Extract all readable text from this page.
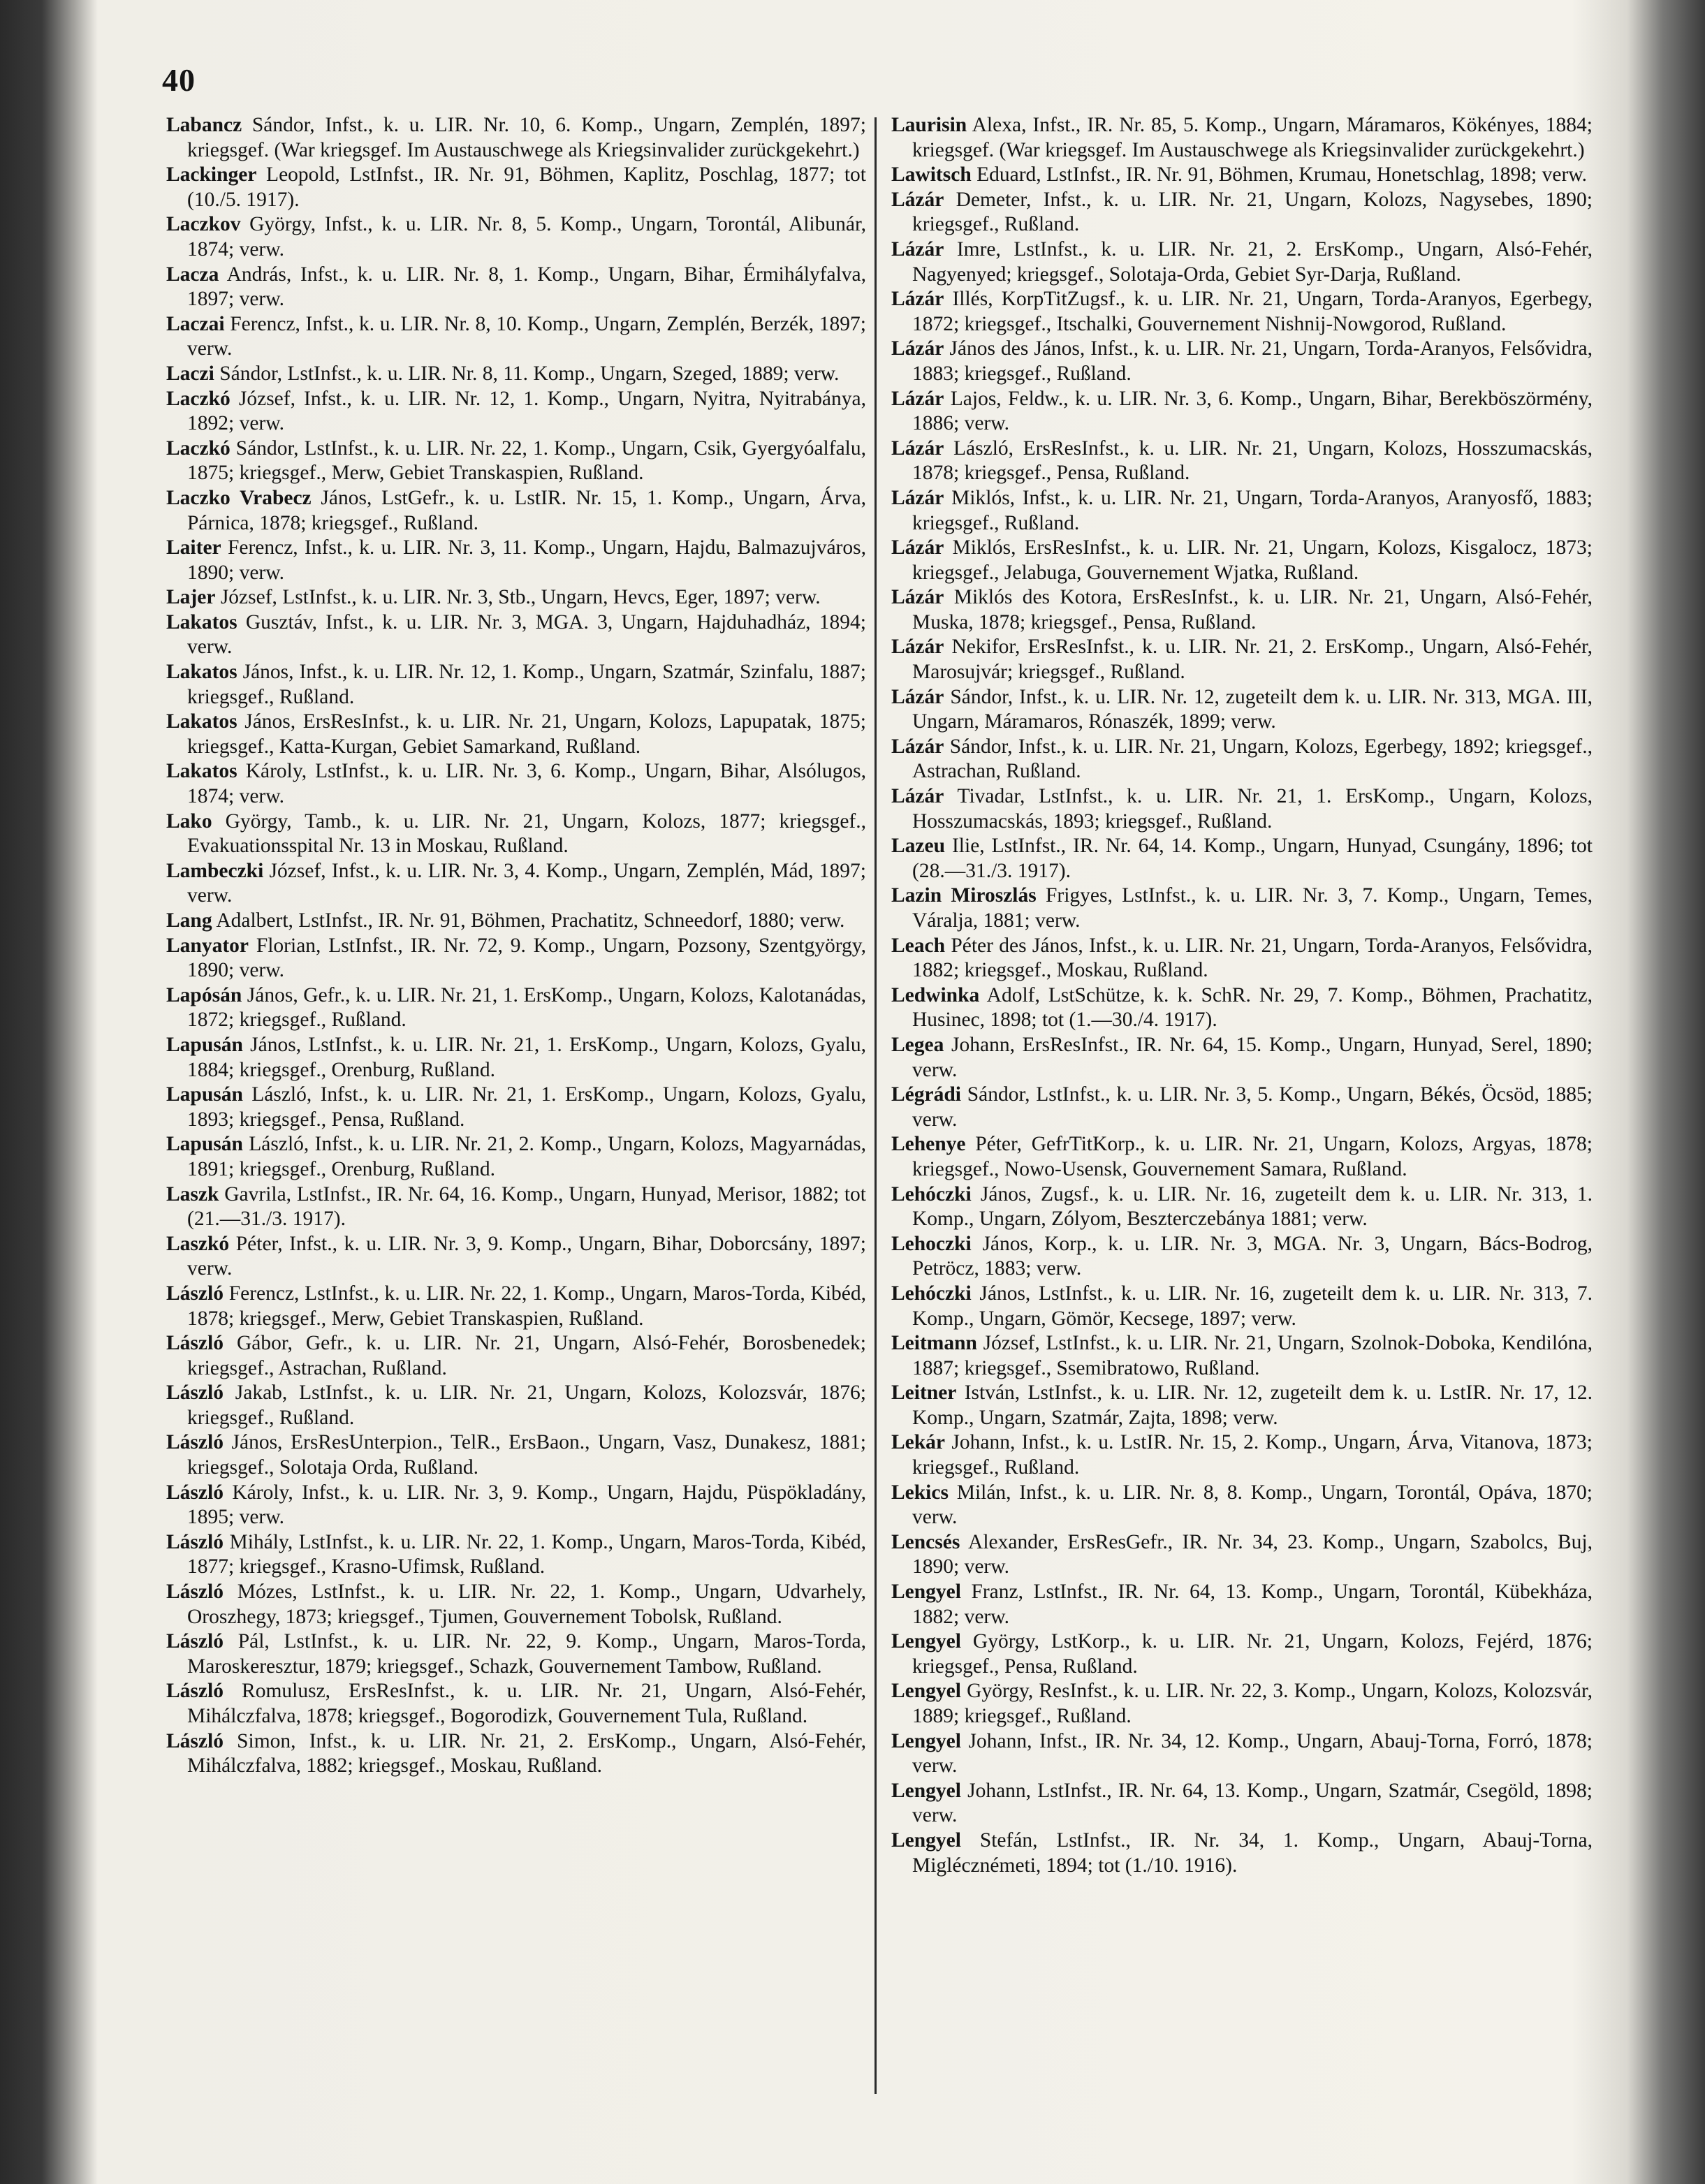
40

Labancz Sándor, Infst., k. u. LIR. Nr. 10, 6. Komp., Ungarn, Zemplén, 1897; kriegsgef. (War kriegsgef. Im Austauschwege als Kriegsinvalider zurückgekehrt.)

Lackinger Leopold, LstInfst., IR. Nr. 91, Böhmen, Kaplitz, Poschlag, 1877; tot (10./5. 1917).

Laczkov György, Infst., k. u. LIR. Nr. 8, 5. Komp., Ungarn, Torontál, Alibunár, 1874; verw.

Lacza András, Infst., k. u. LIR. Nr. 8, 1. Komp., Ungarn, Bihar, Érmihályfalva, 1897; verw.

Laczai Ferencz, Infst., k. u. LIR. Nr. 8, 10. Komp., Ungarn, Zemplén, Berzék, 1897; verw.

Laczi Sándor, LstInfst., k. u. LIR. Nr. 8, 11. Komp., Ungarn, Szeged, 1889; verw.

Laczkó József, Infst., k. u. LIR. Nr. 12, 1. Komp., Ungarn, Nyitra, Nyitrabánya, 1892; verw.

Laczkó Sándor, LstInfst., k. u. LIR. Nr. 22, 1. Komp., Ungarn, Csik, Gyergyóalfalu, 1875; kriegsgef., Merw, Gebiet Transkaspien, Rußland.

Laczko Vrabecz János, LstGefr., k. u. LstIR. Nr. 15, 1. Komp., Ungarn, Árva, Párnica, 1878; kriegsgef., Rußland.

Laiter Ferencz, Infst., k. u. LIR. Nr. 3, 11. Komp., Ungarn, Hajdu, Balmazujváros, 1890; verw.

Lajer József, LstInfst., k. u. LIR. Nr. 3, Stb., Ungarn, Hevcs, Eger, 1897; verw.

Lakatos Gusztáv, Infst., k. u. LIR. Nr. 3, MGA. 3, Ungarn, Hajduhadház, 1894; verw.

Lakatos János, Infst., k. u. LIR. Nr. 12, 1. Komp., Ungarn, Szatmár, Szinfalu, 1887; kriegsgef., Rußland.

Lakatos János, ErsResInfst., k. u. LIR. Nr. 21, Ungarn, Kolozs, Lapupatak, 1875; kriegsgef., Katta-Kurgan, Gebiet Samarkand, Rußland.

Lakatos Károly, LstInfst., k. u. LIR. Nr. 3, 6. Komp., Ungarn, Bihar, Alsólugos, 1874; verw.

Lako György, Tamb., k. u. LIR. Nr. 21, Ungarn, Kolozs, 1877; kriegsgef., Evakuationsspital Nr. 13 in Moskau, Rußland.

Lambeczki József, Infst., k. u. LIR. Nr. 3, 4. Komp., Ungarn, Zemplén, Mád, 1897; verw.

Lang Adalbert, LstInfst., IR. Nr. 91, Böhmen, Prachatitz, Schneedorf, 1880; verw.

Lanyator Florian, LstInfst., IR. Nr. 72, 9. Komp., Ungarn, Pozsony, Szentgyörgy, 1890; verw.

Lapósán János, Gefr., k. u. LIR. Nr. 21, 1. ErsKomp., Ungarn, Kolozs, Kalotanádas, 1872; kriegsgef., Rußland.

Lapusán János, LstInfst., k. u. LIR. Nr. 21, 1. ErsKomp., Ungarn, Kolozs, Gyalu, 1884; kriegsgef., Orenburg, Rußland.

Lapusán László, Infst., k. u. LIR. Nr. 21, 1. ErsKomp., Ungarn, Kolozs, Gyalu, 1893; kriegsgef., Pensa, Rußland.

Lapusán László, Infst., k. u. LIR. Nr. 21, 2. Komp., Ungarn, Kolozs, Magyarnádas, 1891; kriegsgef., Orenburg, Rußland.

Laszk Gavrila, LstInfst., IR. Nr. 64, 16. Komp., Ungarn, Hunyad, Merisor, 1882; tot (21.—31./3. 1917).

Laszkó Péter, Infst., k. u. LIR. Nr. 3, 9. Komp., Ungarn, Bihar, Doborcsány, 1897; verw.

László Ferencz, LstInfst., k. u. LIR. Nr. 22, 1. Komp., Ungarn, Maros-Torda, Kibéd, 1878; kriegsgef., Merw, Gebiet Transkaspien, Rußland.

László Gábor, Gefr., k. u. LIR. Nr. 21, Ungarn, Alsó-Fehér, Borosbenedek; kriegsgef., Astrachan, Rußland.

László Jakab, LstInfst., k. u. LIR. Nr. 21, Ungarn, Kolozs, Kolozsvár, 1876; kriegsgef., Rußland.

László János, ErsResUnterpion., TelR., ErsBaon., Ungarn, Vasz, Dunakesz, 1881; kriegsgef., Solotaja Orda, Rußland.

László Károly, Infst., k. u. LIR. Nr. 3, 9. Komp., Ungarn, Hajdu, Püspökladány, 1895; verw.

László Mihály, LstInfst., k. u. LIR. Nr. 22, 1. Komp., Ungarn, Maros-Torda, Kibéd, 1877; kriegsgef., Krasno-Ufimsk, Rußland.

László Mózes, LstInfst., k. u. LIR. Nr. 22, 1. Komp., Ungarn, Udvarhely, Oroszhegy, 1873; kriegsgef., Tjumen, Gouvernement Tobolsk, Rußland.

László Pál, LstInfst., k. u. LIR. Nr. 22, 9. Komp., Ungarn, Maros-Torda, Maroskeresztur, 1879; kriegsgef., Schazk, Gouvernement Tambow, Rußland.

László Romulusz, ErsResInfst., k. u. LIR. Nr. 21, Ungarn, Alsó-Fehér, Mihálczfalva, 1878; kriegsgef., Bogorodizk, Gouvernement Tula, Rußland.

László Simon, Infst., k. u. LIR. Nr. 21, 2. ErsKomp., Ungarn, Alsó-Fehér, Mihálczfalva, 1882; kriegsgef., Moskau, Rußland.

Laurisin Alexa, Infst., IR. Nr. 85, 5. Komp., Ungarn, Máramaros, Kökényes, 1884; kriegsgef. (War kriegsgef. Im Austauschwege als Kriegsinvalider zurückgekehrt.)

Lawitsch Eduard, LstInfst., IR. Nr. 91, Böhmen, Krumau, Honetschlag, 1898; verw.

Lázár Demeter, Infst., k. u. LIR. Nr. 21, Ungarn, Kolozs, Nagysebes, 1890; kriegsgef., Rußland.

Lázár Imre, LstInfst., k. u. LIR. Nr. 21, 2. ErsKomp., Ungarn, Alsó-Fehér, Nagyenyed; kriegsgef., Solotaja-Orda, Gebiet Syr-Darja, Rußland.

Lázár Illés, KorpTitZugsf., k. u. LIR. Nr. 21, Ungarn, Torda-Aranyos, Egerbegy, 1872; kriegsgef., Itschalki, Gouvernement Nishnij-Nowgorod, Rußland.

Lázár János des János, Infst., k. u. LIR. Nr. 21, Ungarn, Torda-Aranyos, Felsővidra, 1883; kriegsgef., Rußland.

Lázár Lajos, Feldw., k. u. LIR. Nr. 3, 6. Komp., Ungarn, Bihar, Berekböszörmény, 1886; verw.

Lázár László, ErsResInfst., k. u. LIR. Nr. 21, Ungarn, Kolozs, Hosszumacskás, 1878; kriegsgef., Pensa, Rußland.

Lázár Miklós, Infst., k. u. LIR. Nr. 21, Ungarn, Torda-Aranyos, Aranyosfő, 1883; kriegsgef., Rußland.

Lázár Miklós, ErsResInfst., k. u. LIR. Nr. 21, Ungarn, Kolozs, Kisgalocz, 1873; kriegsgef., Jelabuga, Gouvernement Wjatka, Rußland.

Lázár Miklós des Kotora, ErsResInfst., k. u. LIR. Nr. 21, Ungarn, Alsó-Fehér, Muska, 1878; kriegsgef., Pensa, Rußland.

Lázár Nekifor, ErsResInfst., k. u. LIR. Nr. 21, 2. ErsKomp., Ungarn, Alsó-Fehér, Marosujvár; kriegsgef., Rußland.

Lázár Sándor, Infst., k. u. LIR. Nr. 12, zugeteilt dem k. u. LIR. Nr. 313, MGA. III, Ungarn, Máramaros, Rónaszék, 1899; verw.

Lázár Sándor, Infst., k. u. LIR. Nr. 21, Ungarn, Kolozs, Egerbegy, 1892; kriegsgef., Astrachan, Rußland.

Lázár Tivadar, LstInfst., k. u. LIR. Nr. 21, 1. ErsKomp., Ungarn, Kolozs, Hosszumacskás, 1893; kriegsgef., Rußland.

Lazeu Ilie, LstInfst., IR. Nr. 64, 14. Komp., Ungarn, Hunyad, Csungány, 1896; tot (28.—31./3. 1917).

Lazin Miroszlás Frigyes, LstInfst., k. u. LIR. Nr. 3, 7. Komp., Ungarn, Temes, Váralja, 1881; verw.

Leach Péter des János, Infst., k. u. LIR. Nr. 21, Ungarn, Torda-Aranyos, Felsővidra, 1882; kriegsgef., Moskau, Rußland.

Ledwinka Adolf, LstSchütze, k. k. SchR. Nr. 29, 7. Komp., Böhmen, Prachatitz, Husinec, 1898; tot (1.—30./4. 1917).

Legea Johann, ErsResInfst., IR. Nr. 64, 15. Komp., Ungarn, Hunyad, Serel, 1890; verw.

Légrádi Sándor, LstInfst., k. u. LIR. Nr. 3, 5. Komp., Ungarn, Békés, Öcsöd, 1885; verw.

Lehenye Péter, GefrTitKorp., k. u. LIR. Nr. 21, Ungarn, Kolozs, Argyas, 1878; kriegsgef., Nowo-Usensk, Gouvernement Samara, Rußland.

Lehóczki János, Zugsf., k. u. LIR. Nr. 16, zugeteilt dem k. u. LIR. Nr. 313, 1. Komp., Ungarn, Zólyom, Beszterczebánya 1881; verw.

Lehoczki János, Korp., k. u. LIR. Nr. 3, MGA. Nr. 3, Ungarn, Bács-Bodrog, Petröcz, 1883; verw.

Lehóczki János, LstInfst., k. u. LIR. Nr. 16, zugeteilt dem k. u. LIR. Nr. 313, 7. Komp., Ungarn, Gömör, Kecsege, 1897; verw.

Leitmann József, LstInfst., k. u. LIR. Nr. 21, Ungarn, Szolnok-Doboka, Kendilóna, 1887; kriegsgef., Ssemibratowo, Rußland.

Leitner István, LstInfst., k. u. LIR. Nr. 12, zugeteilt dem k. u. LstIR. Nr. 17, 12. Komp., Ungarn, Szatmár, Zajta, 1898; verw.

Lekár Johann, Infst., k. u. LstIR. Nr. 15, 2. Komp., Ungarn, Árva, Vitanova, 1873; kriegsgef., Rußland.

Lekics Milán, Infst., k. u. LIR. Nr. 8, 8. Komp., Ungarn, Torontál, Opáva, 1870; verw.

Lencsés Alexander, ErsResGefr., IR. Nr. 34, 23. Komp., Ungarn, Szabolcs, Buj, 1890; verw.

Lengyel Franz, LstInfst., IR. Nr. 64, 13. Komp., Ungarn, Torontál, Kübekháza, 1882; verw.

Lengyel György, LstKorp., k. u. LIR. Nr. 21, Ungarn, Kolozs, Fejérd, 1876; kriegsgef., Pensa, Rußland.

Lengyel György, ResInfst., k. u. LIR. Nr. 22, 3. Komp., Ungarn, Kolozs, Kolozsvár, 1889; kriegsgef., Rußland.

Lengyel Johann, Infst., IR. Nr. 34, 12. Komp., Ungarn, Abauj-Torna, Forró, 1878; verw.

Lengyel Johann, LstInfst., IR. Nr. 64, 13. Komp., Ungarn, Szatmár, Csegöld, 1898; verw.

Lengyel Stefán, LstInfst., IR. Nr. 34, 1. Komp., Ungarn, Abauj-Torna, Miglécznémeti, 1894; tot (1./10. 1916).
